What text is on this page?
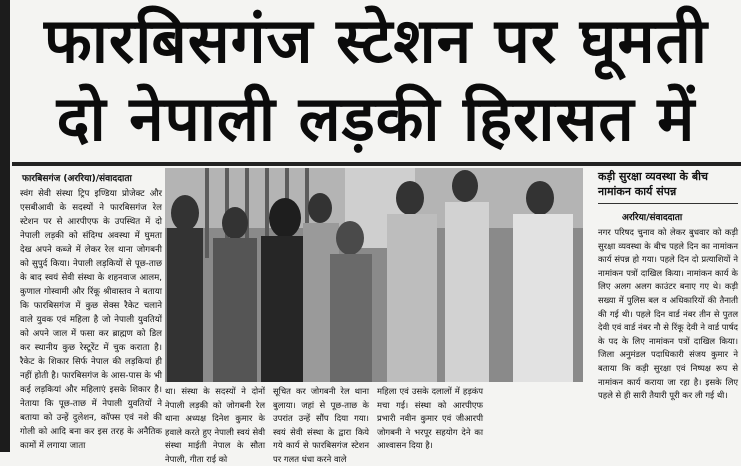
फारबिसगंज स्टेशन पर घूमती
दो नेपाली लड़की हिरासत में
फारबिसगंज (अररिया)/संवाददाता
स्वंग सेवी संस्था ट्रिप इण्डिया प्रोजेक्ट और एसबीआवी के सदस्यों ने फारबिसगंज रेल स्टेशन पर से आरपीएफ के उपस्थित में दो नेपाली लड़की को संदिग्ध अवस्था में घुमता देख अपने कब्जे में लेकर रेल थाना जोगबनी को सुपुर्द किया। नेपाली लड़कियों से पूछ-ताछ के बाद स्वयं सेवी संस्था के शहनवाज आलम, कुणाल गोस्वामी और रिंकू श्रीवास्तव ने बताया कि फारबिसगंज में कुछ सेक्स रैकेट चलाने वाले युवक एवं महिला है जो नेपाली युवतियों को अपने जाल में फसा कर ब्राह्मण को डिल कर स्थानीय कुछ रेस्टूरेंट में चुक कराता है। रैकेट के शिकार सिर्फ नेपाल की लड़कियां ही नहीं होती है। फारबिसगंज के आस-पास के भी कई लड़कियां और महिलाएं इसके शिकार है। नेताया कि पूछ-ताछ में नेपाली युवतियों ने बताया को उन्हें दुलेशन, कॉफ्स एवं नशे की गोली को आदि बना कर इस तरह के अनैतिक कामों में लगाया जाता
था। संस्था के सदस्यों ने दोनों नेपाली लड़की को जोगबनी रेल थाना अध्यक्ष दिनेश कुमार के हवाले करते हुए नेपाली स्वयं सेवी संस्था माईती नेपाल के सौता नेपाली, गीता राई को
सूचित कर जोगबनी रेल थाना बुलाया। जहां से पूछ-ताछ के उपरांत उन्हें सौंप दिया गया। स्वयं सेवी संस्था के द्वारा किये गये कार्य से फारबिसगंज स्टेशन पर गलत धंधा करने वाले
महिला एवं उसके दलालों में हड़कंप मचा गई। संस्था को आरपीएफ प्रभारी नवीन कुमार एवं जीआरपी जोगबनी ने भरपूर सहयोग देने का आश्वासन दिया है।
कड़ी सुरक्षा व्यवस्था के बीच नामांकन कार्य संपन्न
अररिया/संवाददाता
नगर परिषद चुनाव को लेकर बुधवार को कड़ी सुरक्षा व्यवस्था के बीच पहले दिन का नामांकन कार्य संपन्न हो गया। पहले दिन दो प्रत्याशियों ने नामांकन पत्रों दाखिल किया। नामांकन कार्य के लिए अलग अलग काउंटर बनाए गए थे। कड़ी सख्या में पुलिस बल व अधिकारियों की तैनाती की गई थी। पहले दिन वार्ड नंबर तीन से पुतल देवी एवं वार्ड नंबर नौ से रिंकू देवी ने वार्ड पार्षद के पद के लिए नामांकन पत्रों दाखिल किया। जिला अनुमंडल पदाधिकारी संजय कुमार ने बताया कि कड़ी सुरक्षा एवं निष्पक्ष रूप से नामांकन कार्य कराया जा रहा है। इसके लिए पहले से ही सारी तैयारी पूरी कर ली गई थी।
